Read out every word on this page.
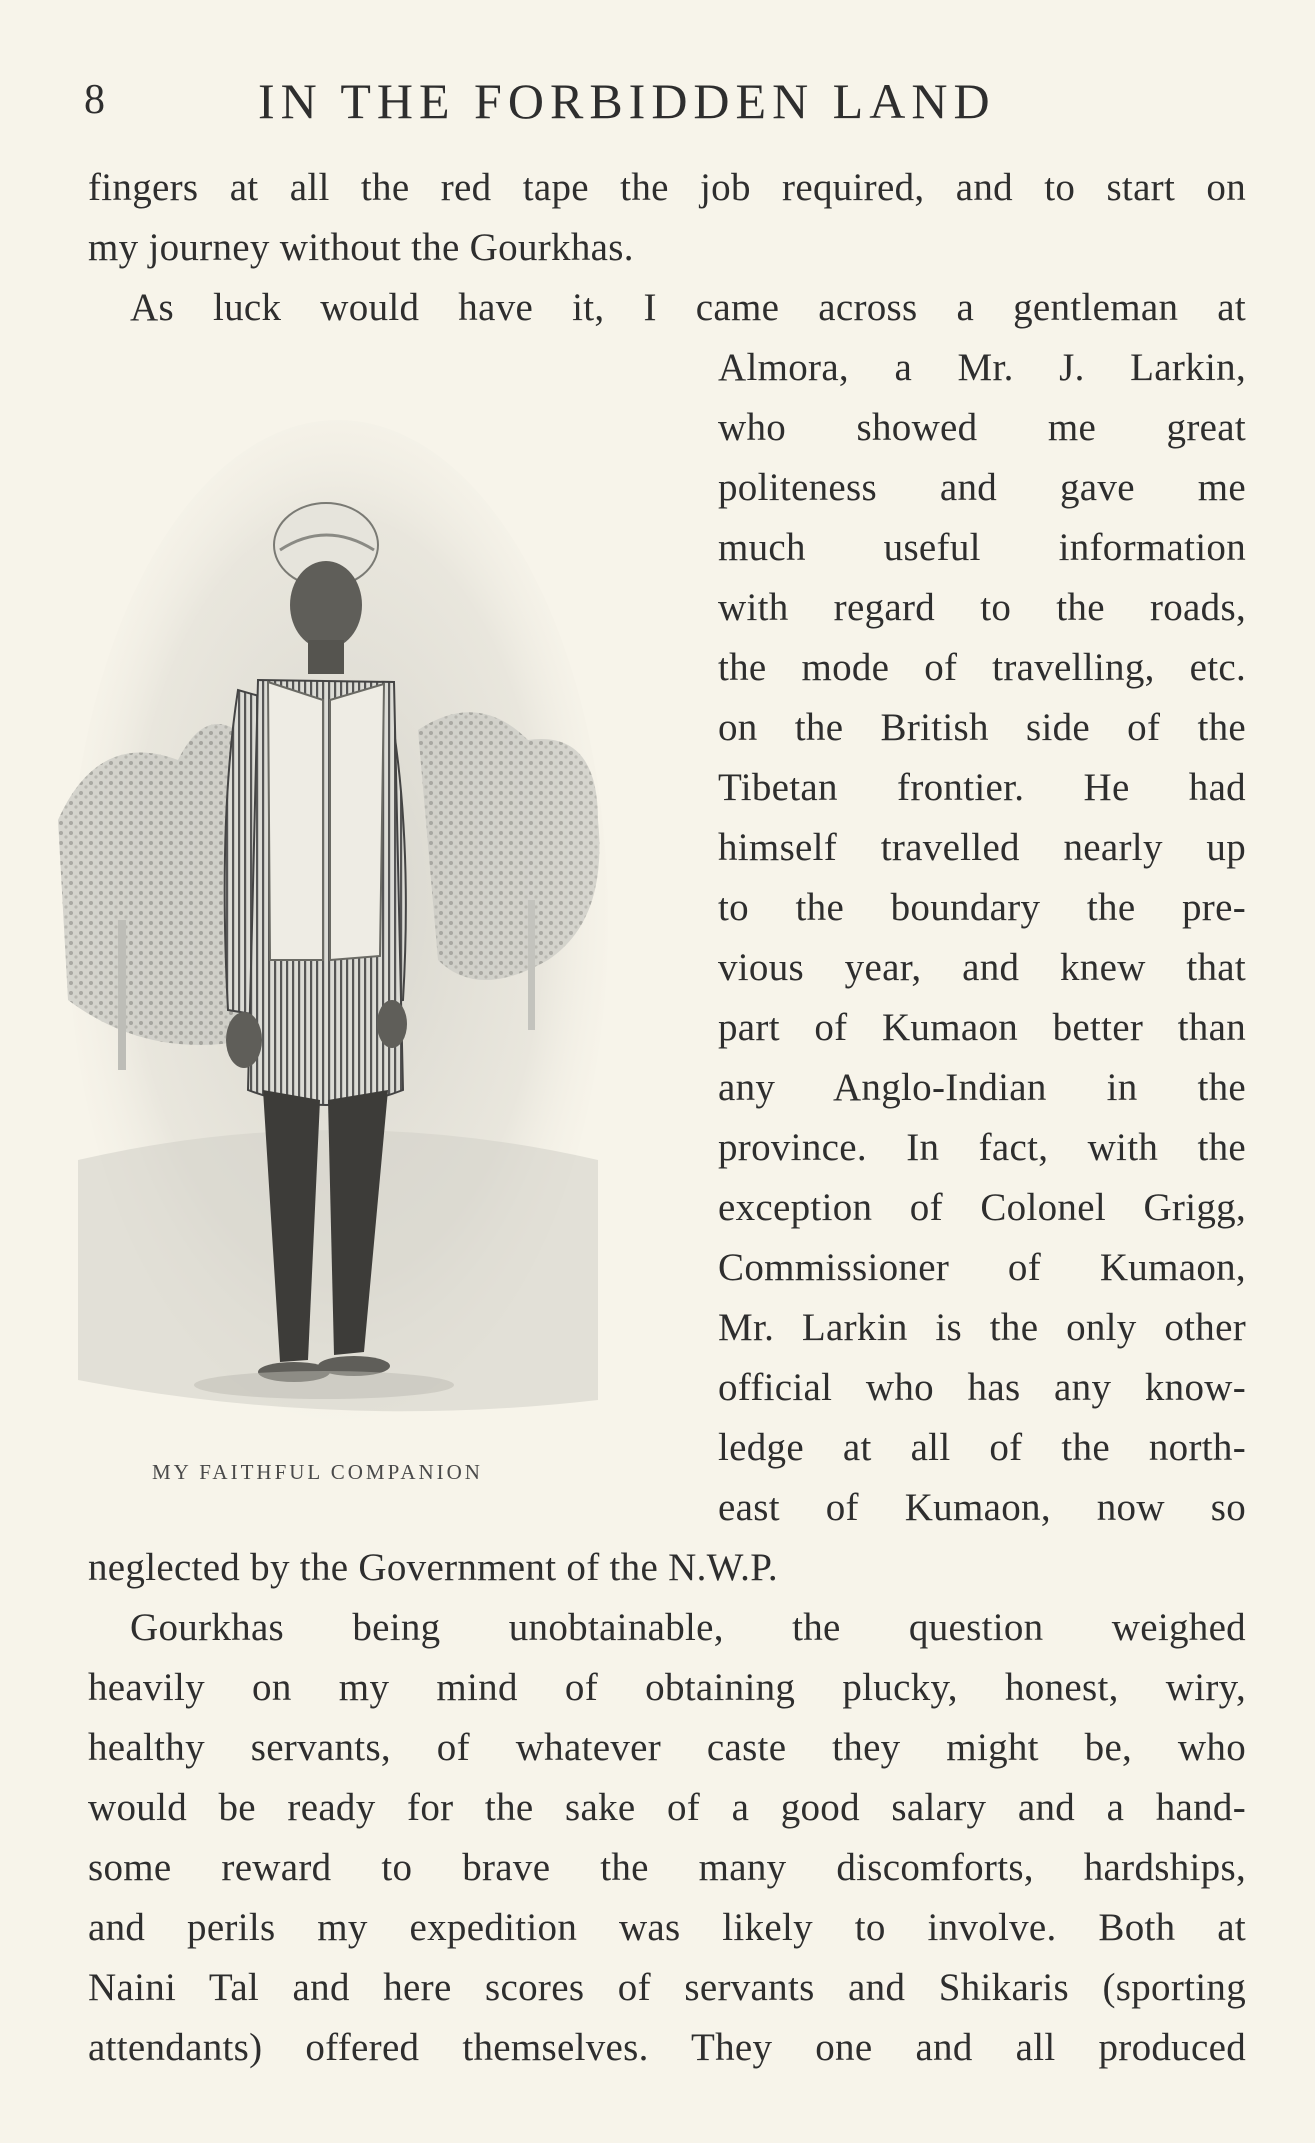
8	IN THE FORBIDDEN LAND
fingers at all the red tape the job required, and to start on
my journey without the Gourkhas.
As luck would have it, I came across a gentleman at
Almora, a Mr. J. Larkin,
who showed me great
politeness and gave me
much useful information
with regard to the roads,
the mode of travelling, etc.
on the British side of the
Tibetan frontier. He had
himself travelled nearly up
to the boundary the pre-
vious year, and knew that
part of Kumaon better than
any Anglo-Indian in the
province. In fact, with the
exception of Colonel Grigg,
Commissioner of Kumaon,
Mr. Larkin is the only other
official who has any know-
ledge at all of the north-
east of Kumaon, now so
neglected by the Government of the N.W.P.
Gourkhas being unobtainable, the question weighed
heavily on my mind of obtaining plucky, honest, wiry,
healthy servants, of whatever caste they might be, who
would be ready for the sake of a good salary and a hand-
some reward to brave the many discomforts, hardships,
and perils my expedition was likely to involve. Both at
Naini Tal and here scores of servants and Shikaris (sporting
attendants) offered themselves. They one and all produced
MY FAITHFUL COMPANION
